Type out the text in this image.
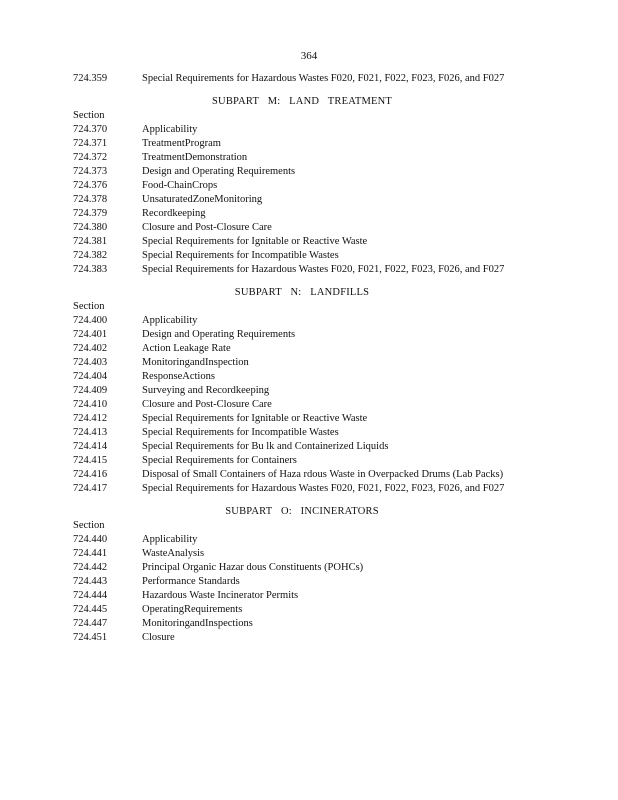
364
724.359	Special Requirements for Hazardous Wastes F020, F021, F022, F023, F026, and F027
SUBPART M: LAND TREATMENT
Section
724.370	Applicability
724.371	TreatmentProgram
724.372	TreatmentDemonstration
724.373	Design and Operating Requirements
724.376	Food-ChainCrops
724.378	UnsaturatedZoneMonitoring
724.379	Recordkeeping
724.380	Closure and Post-Closure Care
724.381	Special Requirements for Ignitable or Reactive Waste
724.382	Special Requirements for Incompatible Wastes
724.383	Special Requirements for Hazardous Wastes F020, F021, F022, F023, F026, and F027
SUBPART N: LANDFILLS
Section
724.400	Applicability
724.401	Design and Operating Requirements
724.402	Action Leakage Rate
724.403	MonitoringandInspection
724.404	ResponseActions
724.409	Surveying and Recordkeeping
724.410	Closure and Post-Closure Care
724.412	Special Requirements for Ignitable or Reactive Waste
724.413	Special Requirements for Incompatible Wastes
724.414	Special Requirements for Bu lk and Containerized Liquids
724.415	Special Requirements for Containers
724.416	Disposal of Small Containers of Haza rdous Waste in Overpacked Drums (Lab Packs)
724.417	Special Requirements for Hazardous Wastes F020, F021, F022, F023, F026, and F027
SUBPART O: INCINERATORS
Section
724.440	Applicability
724.441	WasteAnalysis
724.442	Principal Organic Hazar dous Constituents (POHCs)
724.443	Performance Standards
724.444	Hazardous Waste Incinerator Permits
724.445	OperatingRequirements
724.447	MonitoringandInspections
724.451	Closure
